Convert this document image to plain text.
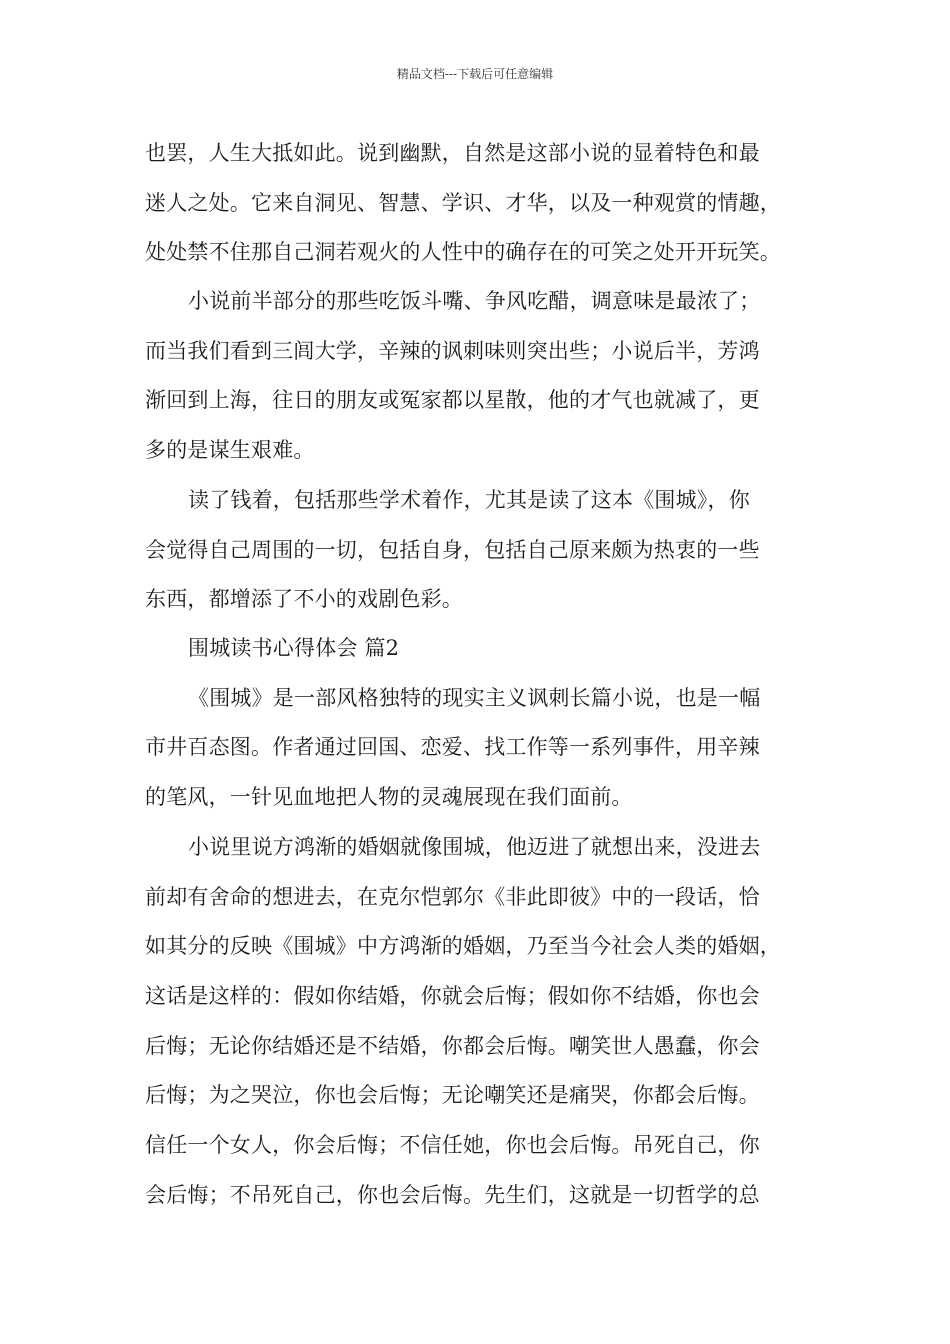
精品文档---下载后可任意编辑
也罢，人生大抵如此。说到幽默，自然是这部小说的显着特色和最
迷人之处。它来自洞见、智慧、学识、才华，以及一种观赏的情趣，
处处禁不住那自己洞若观火的人性中的确存在的可笑之处开开玩笑。
小说前半部分的那些吃饭斗嘴、争风吃醋，调意味是最浓了；
而当我们看到三闾大学，辛辣的讽刺味则突出些；小说后半，芳鸿
渐回到上海，往日的朋友或冤家都以星散，他的才气也就减了，更
多的是谋生艰难。
读了钱着，包括那些学术着作，尤其是读了这本《围城》，你
会觉得自己周围的一切，包括自身，包括自己原来颇为热衷的一些
东西，都增添了不小的戏剧色彩。
围城读书心得体会 篇2
《围城》是一部风格独特的现实主义讽刺长篇小说，也是一幅
市井百态图。作者通过回国、恋爱、找工作等一系列事件，用辛辣
的笔风，一针见血地把人物的灵魂展现在我们面前。
小说里说方鸿渐的婚姻就像围城，他迈进了就想出来，没进去
前却有舍命的想进去，在克尔恺郭尔《非此即彼》中的一段话，恰
如其分的反映《围城》中方鸿渐的婚姻，乃至当今社会人类的婚姻，
这话是这样的：假如你结婚，你就会后悔；假如你不结婚，你也会
后悔；无论你结婚还是不结婚，你都会后悔。嘲笑世人愚蠢，你会
后悔；为之哭泣，你也会后悔；无论嘲笑还是痛哭，你都会后悔。
信任一个女人，你会后悔；不信任她，你也会后悔。吊死自己，你
会后悔；不吊死自己，你也会后悔。先生们，这就是一切哲学的总
